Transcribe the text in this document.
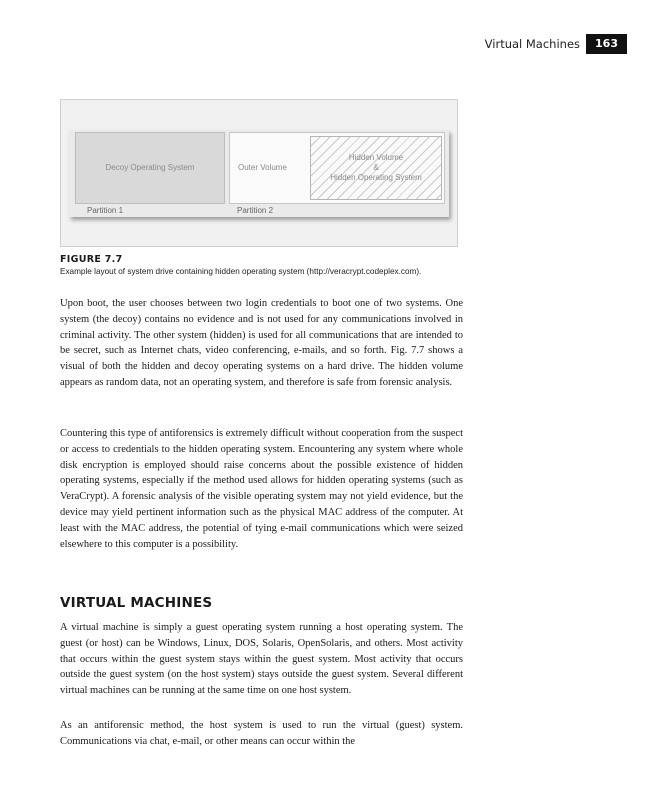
Virtual Machines	163
Decoy Operating System	Outer Volume
Hidden Volume
&
Hidden Operating System
Partition 1	Partition 2
FIGURE 7.7
Example layout of system drive containing hidden operating system (http://veracrypt.codeplex.com).

Upon boot, the user chooses between two login credentials to boot one of two systems. One system (the decoy) contains no evidence and is not used for any communications involved in criminal activity. The other system (hidden) is used for all communications that are intended to be secret, such as Internet chats, video conferencing, e-mails, and so forth. Fig. 7.7 shows a visual of both the hidden and decoy operating systems on a hard drive. The hidden volume appears as random data, not an operating system, and therefore is safe from forensic analysis.

Countering this type of antiforensics is extremely difficult without cooperation from the suspect or access to credentials to the hidden operating system. Encountering any system where whole disk encryption is employed should raise concerns about the possible existence of hidden operating systems, especially if the method used allows for hidden operating systems (such as VeraCrypt). A forensic analysis of the visible operating system may not yield evidence, but the device may yield pertinent information such as the physical MAC address of the computer. At least with the MAC address, the potential of tying e-mail communications which were seized elsewhere to this computer is a possibility.

VIRTUAL MACHINES

A virtual machine is simply a guest operating system running a host operating system. The guest (or host) can be Windows, Linux, DOS, Solaris, OpenSolaris, and others. Most activity that occurs within the guest system stays within the guest system. Most activity that occurs outside the guest system (on the host system) stays outside the guest system. Several different virtual machines can be running at the same time on one host system.

As an antiforensic method, the host system is used to run the virtual (guest) system. Communications via chat, e-mail, or other means can occur within the
